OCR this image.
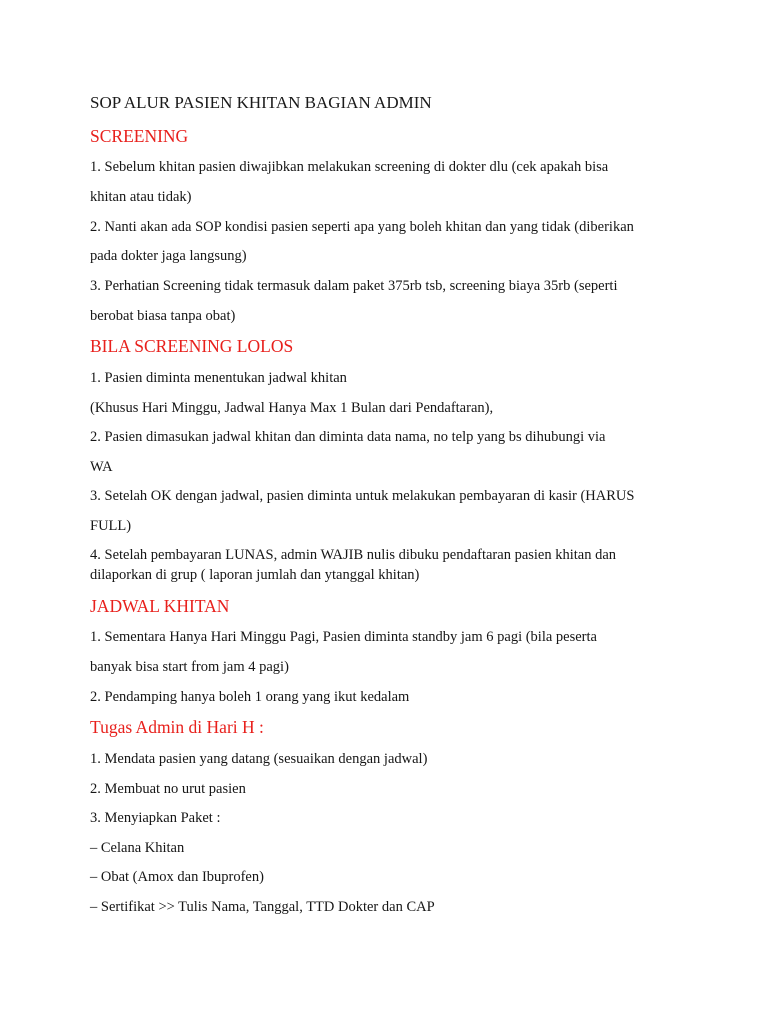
SOP ALUR PASIEN KHITAN BAGIAN ADMIN
SCREENING
1. Sebelum khitan pasien diwajibkan melakukan screening di dokter dlu (cek apakah bisa
khitan atau tidak)
2. Nanti akan ada SOP kondisi pasien seperti apa yang boleh khitan dan yang tidak (diberikan
pada dokter jaga langsung)
3. Perhatian Screening tidak termasuk dalam paket 375rb tsb, screening biaya 35rb (seperti
berobat biasa tanpa obat)
BILA SCREENING LOLOS
1. Pasien diminta menentukan jadwal khitan
(Khusus Hari Minggu, Jadwal Hanya Max 1 Bulan dari Pendaftaran),
2. Pasien dimasukan jadwal khitan dan diminta data nama, no telp yang bs dihubungi via
WA
3. Setelah OK dengan jadwal, pasien diminta untuk melakukan pembayaran di kasir (HARUS
FULL)
4. Setelah pembayaran LUNAS, admin WAJIB nulis dibuku pendaftaran pasien khitan dan
dilaporkan di grup ( laporan jumlah dan ytanggal khitan)
JADWAL KHITAN
1. Sementara Hanya Hari Minggu Pagi, Pasien diminta standby jam 6 pagi (bila peserta
banyak bisa start from jam 4 pagi)
2. Pendamping hanya boleh 1 orang yang ikut kedalam
Tugas Admin di Hari H :
1. Mendata pasien yang datang (sesuaikan dengan jadwal)
2. Membuat no urut pasien
3. Menyiapkan Paket :
– Celana Khitan
– Obat (Amox dan Ibuprofen)
– Sertifikat >> Tulis Nama, Tanggal, TTD Dokter dan CAP
